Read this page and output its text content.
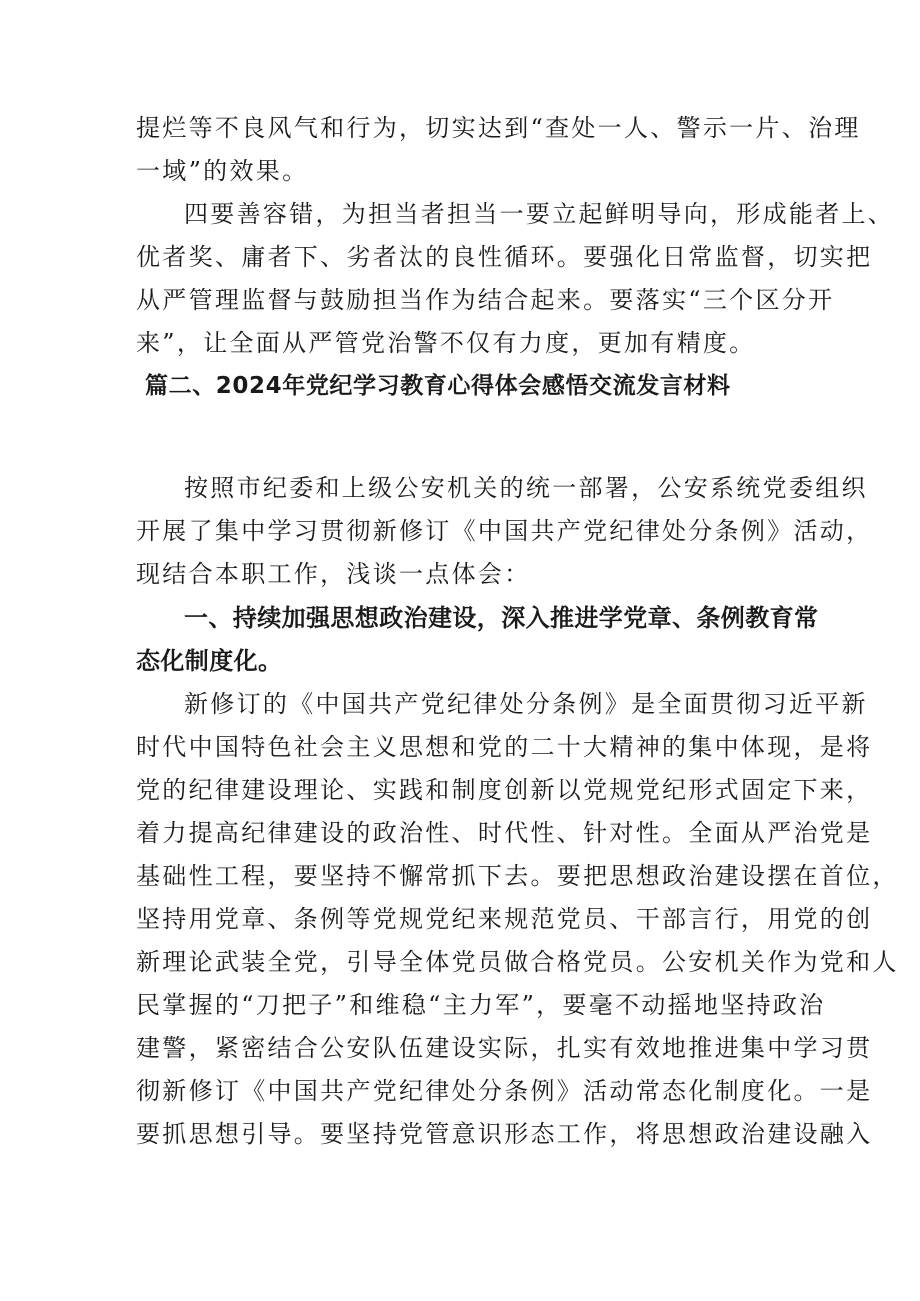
提烂等不良风气和行为，切实达到“查处一人、警示一片、治理
一域”的效果。
四要善容错，为担当者担当一要立起鲜明导向，形成能者上、
优者奖、庸者下、劣者汰的良性循环。要强化日常监督，切实把
从严管理监督与鼓励担当作为结合起来。要落实“三个区分开
来”，让全面从严管党治警不仅有力度，更加有精度。
篇二、2024年党纪学习教育心得体会感悟交流发言材料
按照市纪委和上级公安机关的统一部署，公安系统党委组织
开展了集中学习贯彻新修订《中国共产党纪律处分条例》活动，
现结合本职工作，浅谈一点体会：
一、持续加强思想政治建设，深入推进学党章、条例教育常
态化制度化。
新修订的《中国共产党纪律处分条例》是全面贯彻习近平新
时代中国特色社会主义思想和党的二十大精神的集中体现，是将
党的纪律建设理论、实践和制度创新以党规党纪形式固定下来，
着力提高纪律建设的政治性、时代性、针对性。全面从严治党是
基础性工程，要坚持不懈常抓下去。要把思想政治建设摆在首位，
坚持用党章、条例等党规党纪来规范党员、干部言行，用党的创
新理论武装全党，引导全体党员做合格党员。公安机关作为党和人
民掌握的“刀把子”和维稳“主力军”，要毫不动摇地坚持政治
建警，紧密结合公安队伍建设实际，扎实有效地推进集中学习贯
彻新修订《中国共产党纪律处分条例》活动常态化制度化。一是
要抓思想引导。要坚持党管意识形态工作，将思想政治建设融入
